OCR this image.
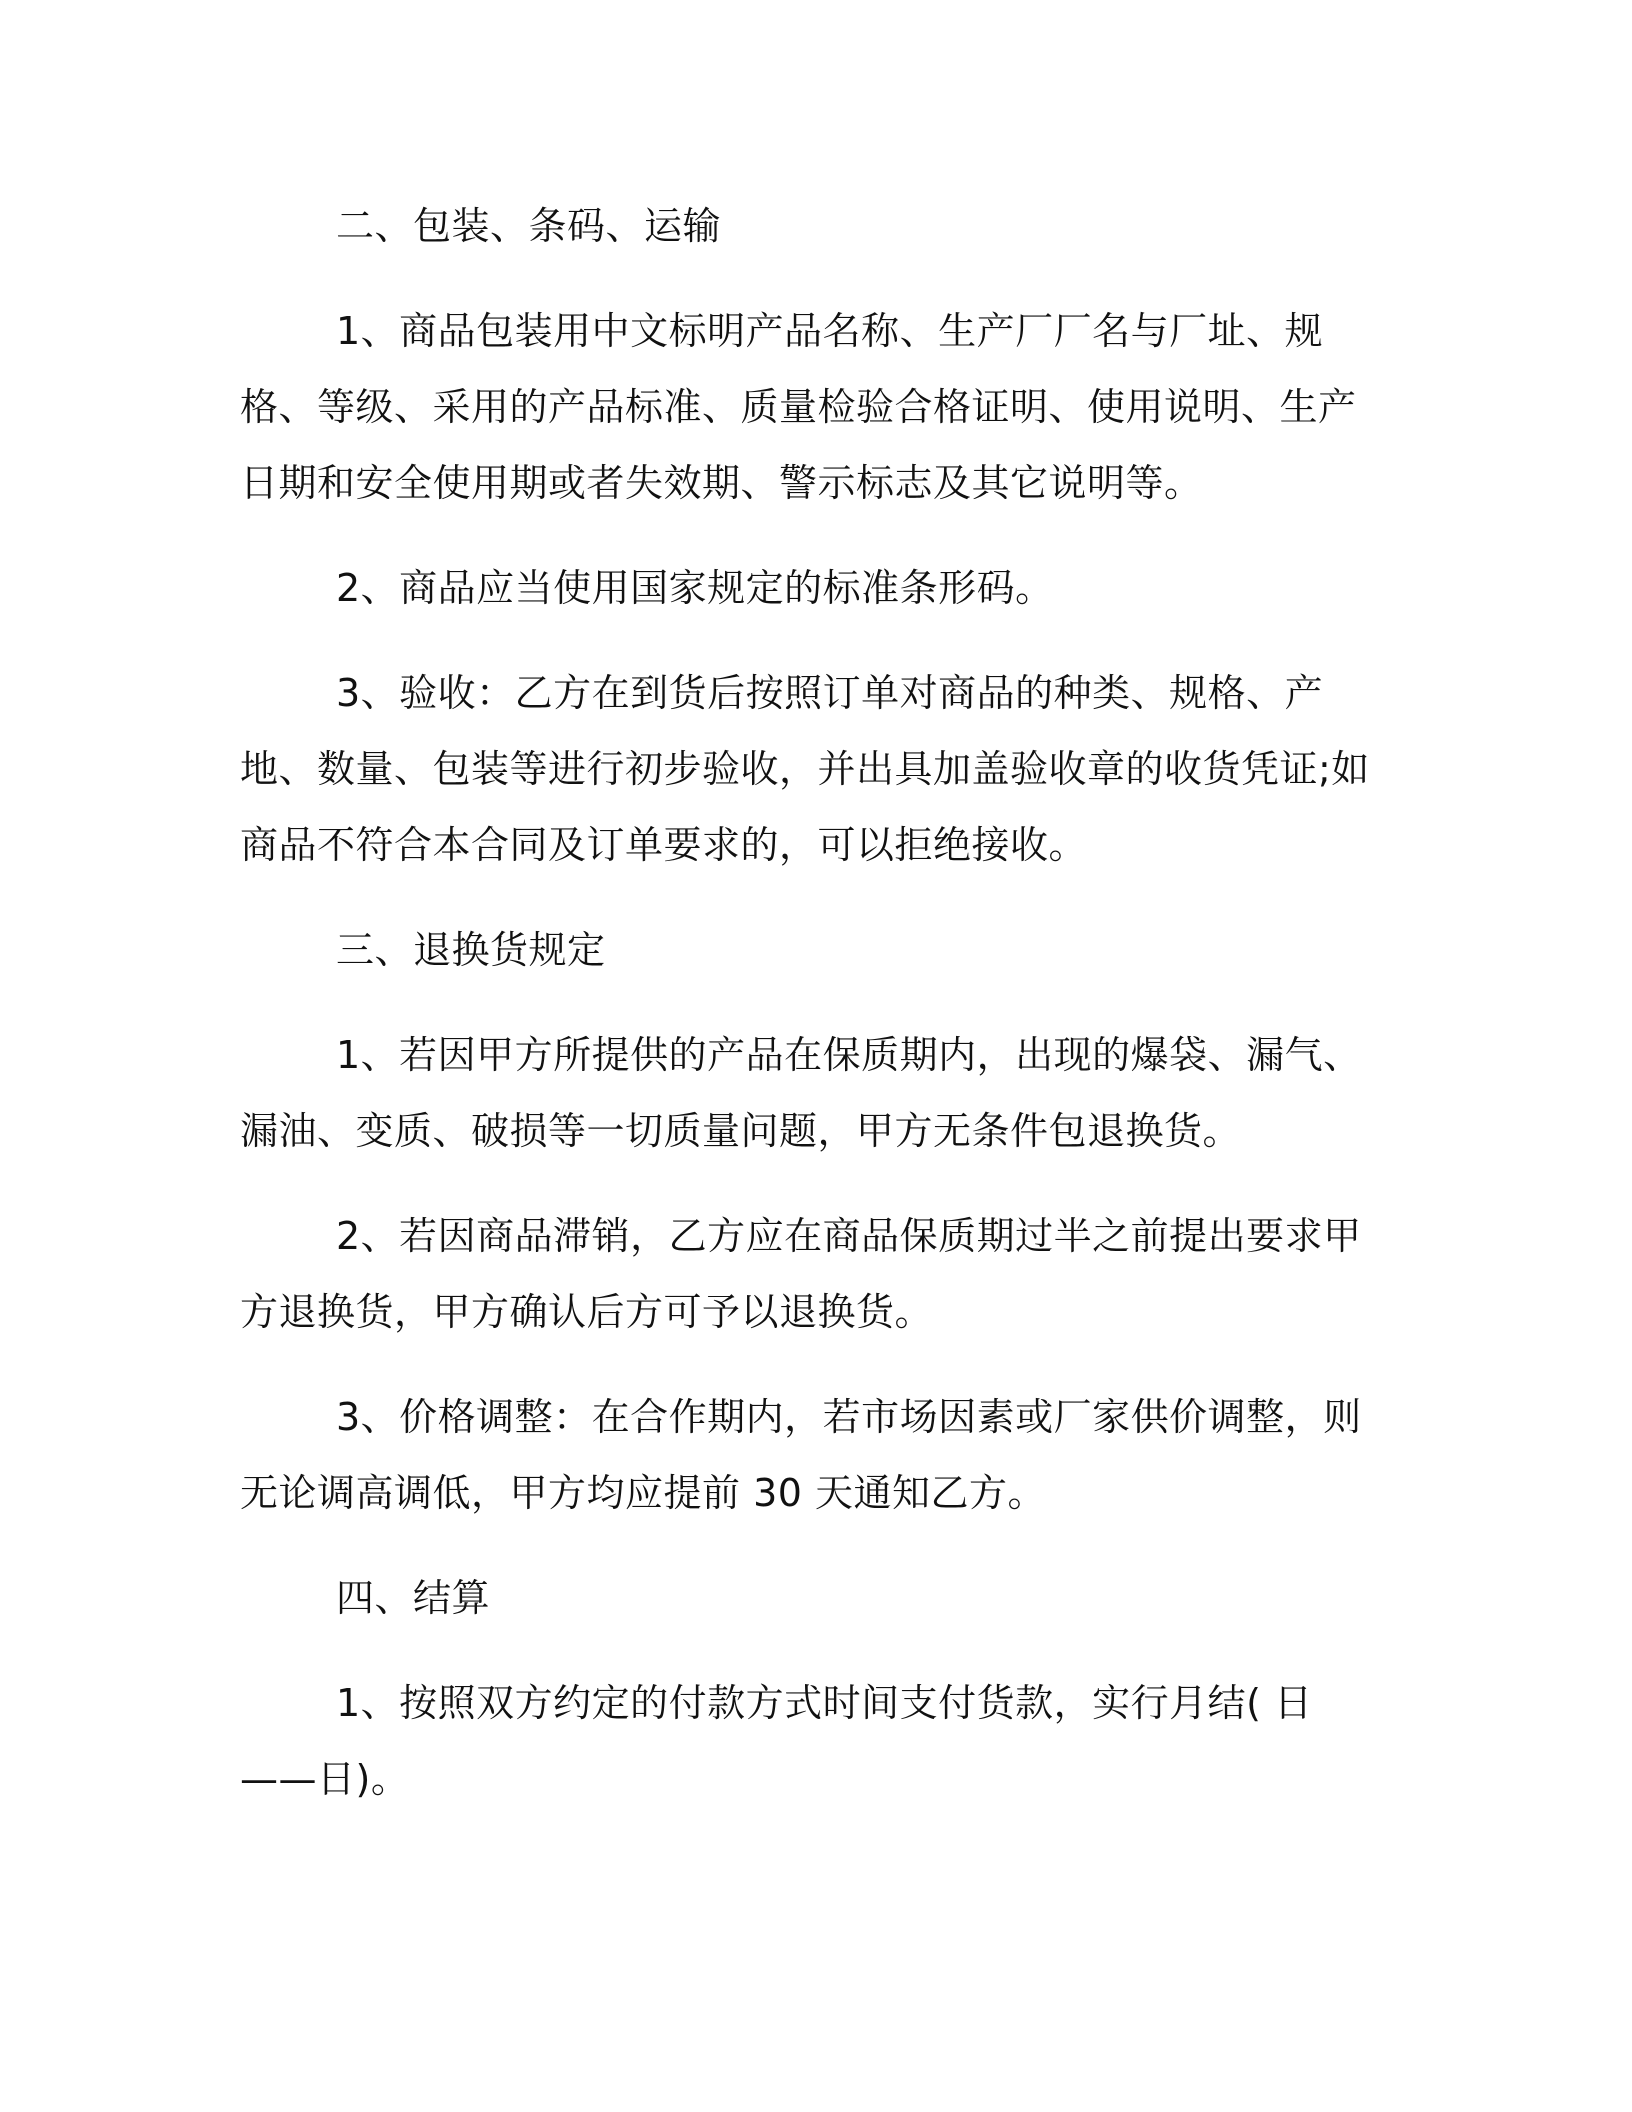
二、包装、条码、运输

1、商品包装用中文标明产品名称、生产厂厂名与厂址、规格、等级、采用的产品标准、质量检验合格证明、使用说明、生产日期和安全使用期或者失效期、警示标志及其它说明等。

2、商品应当使用国家规定的标准条形码。

3、验收：乙方在到货后按照订单对商品的种类、规格、产地、数量、包装等进行初步验收，并出具加盖验收章的收货凭证;如商品不符合本合同及订单要求的，可以拒绝接收。

三、退换货规定

1、若因甲方所提供的产品在保质期内，出现的爆袋、漏气、漏油、变质、破损等一切质量问题，甲方无条件包退换货。

2、若因商品滞销，乙方应在商品保质期过半之前提出要求甲方退换货，甲方确认后方可予以退换货。

3、价格调整：在合作期内，若市场因素或厂家供价调整，则无论调高调低，甲方均应提前 30 天通知乙方。

四、结算

1、按照双方约定的付款方式时间支付货款，实行月结( 日——日)。
